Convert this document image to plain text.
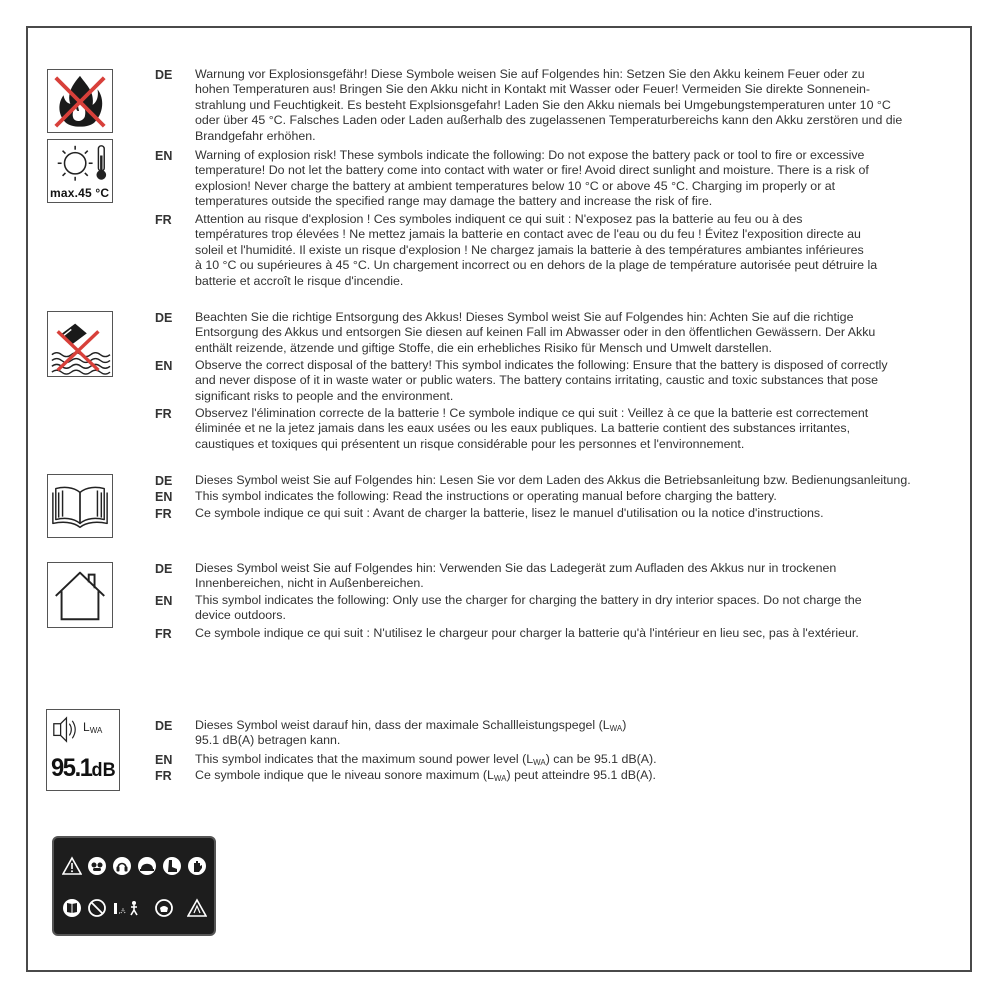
max.45 °C
DE	Warnung vor Explosionsgefähr! Diese Symbole weisen Sie auf Folgendes hin: Setzen Sie den Akku keinem Feuer oder zu
hohen Temperaturen aus! Bringen Sie den Akku nicht in Kontakt mit Wasser oder Feuer! Vermeiden Sie direkte Sonnenein-
strahlung und Feuchtigkeit. Es besteht Explsionsgefahr! Laden Sie den Akku niemals bei Umgebungstemperaturen unter 10 °C
oder über 45 °C. Falsches Laden oder Laden außerhalb des zugelassenen Temperaturbereichs kann den Akku zerstören und die
Brandgefahr erhöhen.
EN	Warning of explosion risk! These symbols indicate the following: Do not expose the battery pack or tool to fire or excessive
temperature! Do not let the battery come into contact with water or fire! Avoid direct sunlight and moisture. There is a risk of
explosion! Never charge the battery at ambient temperatures below 10 °C or above 45 °C. Charging im properly or at
temperatures outside the specified range may damage the battery and increase the risk of fire.
FR	Attention au risque d'explosion ! Ces symboles indiquent ce qui suit : N'exposez pas la batterie au feu ou à des
températures trop élevées ! Ne mettez jamais la batterie en contact avec de l'eau ou du feu ! Évitez l'exposition directe au
soleil et l'humidité. Il existe un risque d'explosion ! Ne chargez jamais la batterie à des températures ambiantes inférieures
à 10 °C ou supérieures à 45 °C. Un chargement incorrect ou en dehors de la plage de température autorisée peut détruire la
batterie et accroît le risque d'incendie.
DE	Beachten Sie die richtige Entsorgung des Akkus! Dieses Symbol weist Sie auf Folgendes hin: Achten Sie auf die richtige
Entsorgung des Akkus und entsorgen Sie diesen auf keinen Fall im Abwasser oder in den öffentlichen Gewässern. Der Akku
enthält reizende, ätzende und giftige Stoffe, die ein erhebliches Risiko für Mensch und Umwelt darstellen.
EN	Observe the correct disposal of the battery! This symbol indicates the following: Ensure that the battery is disposed of correctly
and never dispose of it in waste water or public waters. The battery contains irritating, caustic and toxic substances that pose
significant risks to people and the environment.
FR	Observez l'élimination correcte de la batterie ! Ce symbole indique ce qui suit : Veillez à ce que la batterie est correctement
éliminée et ne la jetez jamais dans les eaux usées ou les eaux publiques. La batterie contient des substances irritantes,
caustiques et toxiques qui présentent un risque considérable pour les personnes et l'environnement.
DE	Dieses Symbol weist Sie auf Folgendes hin: Lesen Sie vor dem Laden des Akkus die Betriebsanleitung bzw. Bedienungsanleitung.
EN	This symbol indicates the following: Read the instructions or operating manual before charging the battery.
FR	Ce symbole indique ce qui suit : Avant de charger la batterie, lisez le manuel d'utilisation ou la notice d'instructions.
DE	Dieses Symbol weist Sie auf Folgendes hin: Verwenden Sie das Ladegerät zum Aufladen des Akkus nur in trockenen
Innenbereichen, nicht in Außenbereichen.
EN	This symbol indicates the following: Only use the charger for charging the battery in dry interior spaces. Do not charge the
device outdoors.
FR	Ce symbole indique ce qui suit : N'utilisez le chargeur pour charger la batterie qu'à l'intérieur en lieu sec, pas à l'extérieur.
$L_{WA}$
95.1dB
DE	Dieses Symbol weist darauf hin, dass der maximale Schallleistungspegel $(L_{WA})$
95.1 dB(A) betragen kann.
EN	This symbol indicates that the maximum sound power level $(L_{WA})$ can be 95.1 dB(A).
FR	Ce symbole indique que le niveau sonore maximum $(L_{WA})$ peut atteindre 95.1 dB(A).
